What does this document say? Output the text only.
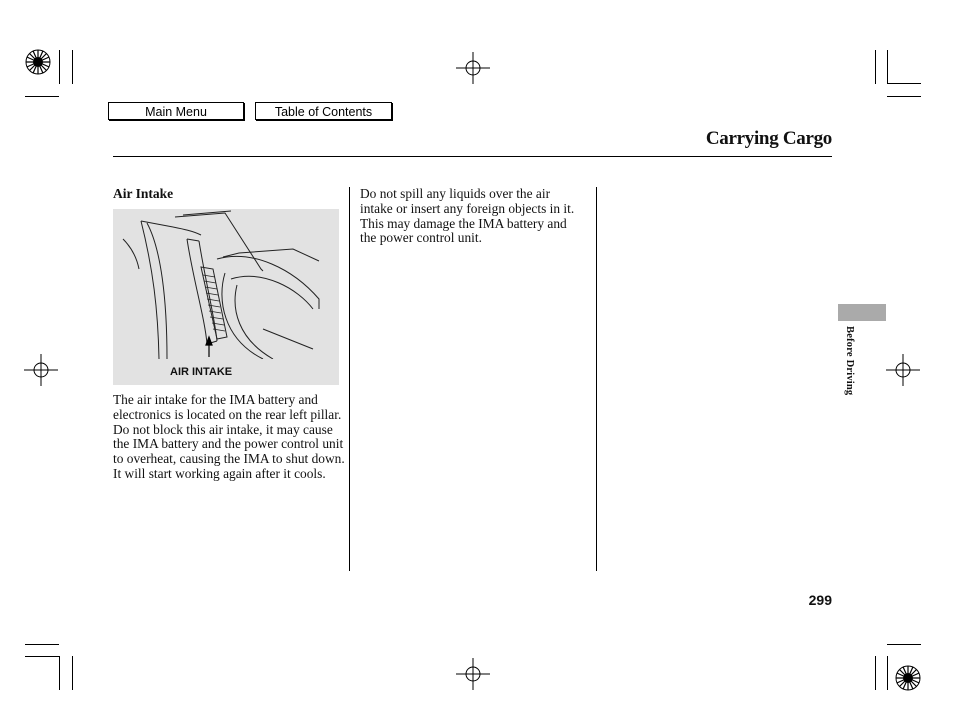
Main Menu	Table of Contents
Carrying Cargo
Air Intake
AIR INTAKE
The air intake for the IMA battery and electronics is located on the rear left pillar. Do not block this air intake, it may cause the IMA battery and the power control unit to overheat, causing the IMA to shut down. It will start working again after it cools.
Do not spill any liquids over the air intake or insert any foreign objects in it. This may damage the IMA battery and the power control unit.
Before Driving
299
